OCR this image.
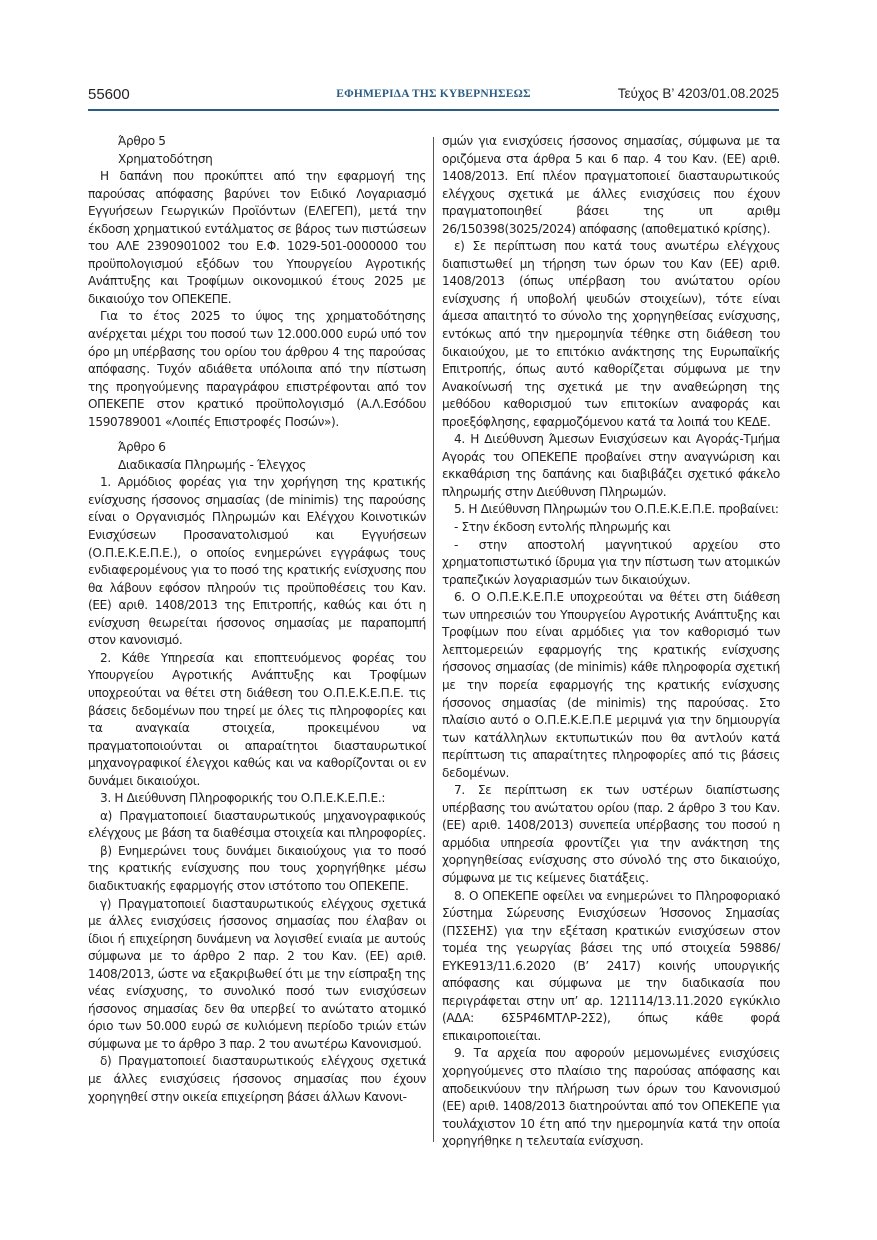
55600	ΕΦΗΜΕΡΙΔΑ ΤΗΣ ΚΥΒΕΡΝΗΣΕΩΣ	Τεύχος Β’ 4203/01.08.2025

Άρθρο 5

Χρηματοδότηση

Η δαπάνη που προκύπτει από την εφαρμογή της παρούσας απόφασης βαρύνει τον Ειδικό Λογαριασμό Εγγυήσεων Γεωργικών Προϊόντων (ΕΛΕΓΕΠ), μετά την έκδοση χρηματικού εντάλματος σε βάρος των πιστώσεων του ΑΛΕ 2390901002 του Ε.Φ. 1029-501-0000000 του προϋπολογισμού εξόδων του Υπουργείου Αγροτικής Ανάπτυξης και Τροφίμων οικονομικού έτους 2025 με δικαιούχο τον ΟΠΕΚΕΠΕ.

Για το έτος 2025 το ύψος της χρηματοδότησης ανέρχεται μέχρι του ποσού των 12.000.000 ευρώ υπό τον όρο μη υπέρβασης του ορίου του άρθρου 4 της παρούσας απόφασης. Τυχόν αδιάθετα υπόλοιπα από την πίστωση της προηγούμενης παραγράφου επιστρέφονται από τον ΟΠΕΚΕΠΕ στον κρατικό προϋπολογισμό (Α.Λ.Εσόδου 1590789001 «Λοιπές Επιστροφές Ποσών»).

Άρθρο 6

Διαδικασία Πληρωμής - Έλεγχος

1. Αρμόδιος φορέας για την χορήγηση της κρατικής ενίσχυσης ήσσονος σημασίας (de minimis) της παρούσης είναι ο Οργανισμός Πληρωμών και Ελέγχου Κοινοτικών Ενισχύσεων Προσανατολισμού και Εγγυήσεων (Ο.Π.Ε.Κ.Ε.Π.Ε.), ο οποίος ενημερώνει εγγράφως τους ενδιαφερομένους για το ποσό της κρατικής ενίσχυσης που θα λάβουν εφόσον πληρούν τις προϋποθέσεις του Καν. (ΕΕ) αριθ. 1408/2013 της Επιτροπής, καθώς και ότι η ενίσχυση θεωρείται ήσσονος σημασίας με παραπομπή στον κανονισμό.

2. Κάθε Υπηρεσία και εποπτευόμενος φορέας του Υπουργείου Αγροτικής Ανάπτυξης και Τροφίμων υποχρεούται να θέτει στη διάθεση του Ο.Π.Ε.Κ.Ε.Π.Ε. τις βάσεις δεδομένων που τηρεί με όλες τις πληροφορίες και τα αναγκαία στοιχεία, προκειμένου να πραγματοποιούνται οι απαραίτητοι διασταυρωτικοί μηχανογραφικοί έλεγχοι καθώς και να καθορίζονται οι εν δυνάμει δικαιούχοι.

3. Η Διεύθυνση Πληροφορικής του Ο.Π.Ε.Κ.Ε.Π.Ε.:

α) Πραγματοποιεί διασταυρωτικούς μηχανογραφικούς ελέγχους με βάση τα διαθέσιμα στοιχεία και πληροφορίες.

β) Ενημερώνει τους δυνάμει δικαιούχους για το ποσό της κρατικής ενίσχυσης που τους χορηγήθηκε μέσω διαδικτυακής εφαρμογής στον ιστότοπο του ΟΠΕΚΕΠΕ.

γ) Πραγματοποιεί διασταυρωτικούς ελέγχους σχετικά με άλλες ενισχύσεις ήσσονος σημασίας που έλαβαν οι ίδιοι ή επιχείρηση δυνάμενη να λογισθεί ενιαία με αυτούς σύμφωνα με το άρθρο 2 παρ. 2 του Καν. (ΕΕ) αριθ. 1408/2013, ώστε να εξακριβωθεί ότι με την είσπραξη της νέας ενίσχυσης, το συνολικό ποσό των ενισχύσεων ήσσονος σημασίας δεν θα υπερβεί το ανώτατο ατομικό όριο των 50.000 ευρώ σε κυλιόμενη περίοδο τριών ετών σύμφωνα με το άρθρο 3 παρ. 2 του ανωτέρω Κανονισμού.

δ) Πραγματοποιεί διασταυρωτικούς ελέγχους σχετικά με άλλες ενισχύσεις ήσσονος σημασίας που έχουν χορηγηθεί στην οικεία επιχείρηση βάσει άλλων Κανονι-

σμών για ενισχύσεις ήσσονος σημασίας, σύμφωνα με τα οριζόμενα στα άρθρα 5 και 6 παρ. 4 του Καν. (ΕΕ) αριθ. 1408/2013. Επί πλέον πραγματοποιεί διασταυρωτικούς ελέγχους σχετικά με άλλες ενισχύσεις που έχουν πραγματοποιηθεί βάσει της υπ αριθμ 26/150398(3025/2024) απόφασης (αποθεματικό κρίσης).

ε) Σε περίπτωση που κατά τους ανωτέρω ελέγχους διαπιστωθεί μη τήρηση των όρων του Καν (ΕΕ) αριθ. 1408/2013 (όπως υπέρβαση του ανώτατου ορίου ενίσχυσης ή υποβολή ψευδών στοιχείων), τότε είναι άμεσα απαιτητό το σύνολο της χορηγηθείσας ενίσχυσης, εντόκως από την ημερομηνία τέθηκε στη διάθεση του δικαιούχου, με το επιτόκιο ανάκτησης της Ευρωπαϊκής Επιτροπής, όπως αυτό καθορίζεται σύμφωνα με την Ανακοίνωσή της σχετικά με την αναθεώρηση της μεθόδου καθορισμού των επιτοκίων αναφοράς και προεξόφλησης, εφαρμοζόμενου κατά τα λοιπά του ΚΕΔΕ.

4. Η Διεύθυνση Άμεσων Ενισχύσεων και Αγοράς-Τμήμα Αγοράς του ΟΠΕΚΕΠΕ προβαίνει στην αναγνώριση και εκκαθάριση της δαπάνης και διαβιβάζει σχετικό φάκελο πληρωμής στην Διεύθυνση Πληρωμών.

5. Η Διεύθυνση Πληρωμών του Ο.Π.Ε.Κ.Ε.Π.Ε. προβαίνει:

- Στην έκδοση εντολής πληρωμής και

- στην αποστολή μαγνητικού αρχείου στο χρηματοπιστωτικό ίδρυμα για την πίστωση των ατομικών τραπεζικών λογαριασμών των δικαιούχων.

6. Ο Ο.Π.Ε.Κ.Ε.Π.Ε υποχρεούται να θέτει στη διάθεση των υπηρεσιών του Υπουργείου Αγροτικής Ανάπτυξης και Τροφίμων που είναι αρμόδιες για τον καθορισμό των λεπτομερειών εφαρμογής της κρατικής ενίσχυσης ήσσονος σημασίας (de minimis) κάθε πληροφορία σχετική με την πορεία εφαρμογής της κρατικής ενίσχυσης ήσσονος σημασίας (de minimis) της παρούσας. Στο πλαίσιο αυτό ο Ο.Π.Ε.Κ.Ε.Π.Ε μεριμνά για την δημιουργία των κατάλληλων εκτυπωτικών που θα αντλούν κατά περίπτωση τις απαραίτητες πληροφορίες από τις βάσεις δεδομένων.

7. Σε περίπτωση εκ των υστέρων διαπίστωσης υπέρβασης του ανώτατου ορίου (παρ. 2 άρθρο 3 του Καν. (ΕΕ) αριθ. 1408/2013) συνεπεία υπέρβασης του ποσού η αρμόδια υπηρεσία φροντίζει για την ανάκτηση της χορηγηθείσας ενίσχυσης στο σύνολό της στο δικαιούχο, σύμφωνα με τις κείμενες διατάξεις.

8. Ο ΟΠΕΚΕΠΕ οφείλει να ενημερώνει το Πληροφοριακό Σύστημα Σώρευσης Ενισχύσεων Ήσσονος Σημασίας (ΠΣΣΕΗΣ) για την εξέταση κρατικών ενισχύσεων στον τομέα της γεωργίας βάσει της υπό στοιχεία 59886/ΕΥΚΕ913/11.6.2020 (Β’ 2417) κοινής υπουργικής απόφασης και σύμφωνα με την διαδικασία που περιγράφεται στην υπ’ αρ. 121114/13.11.2020 εγκύκλιο (ΑΔΑ: 6Σ5Ρ46ΜΤΛΡ-2Σ2), όπως κάθε φορά επικαιροποιείται.

9. Τα αρχεία που αφορούν μεμονωμένες ενισχύσεις χορηγούμενες στο πλαίσιο της παρούσας απόφασης και αποδεικνύουν την πλήρωση των όρων του Κανονισμού (ΕΕ) αριθ. 1408/2013 διατηρούνται από τον ΟΠΕΚΕΠΕ για τουλάχιστον 10 έτη από την ημερομηνία κατά την οποία χορηγήθηκε η τελευταία ενίσχυση.
